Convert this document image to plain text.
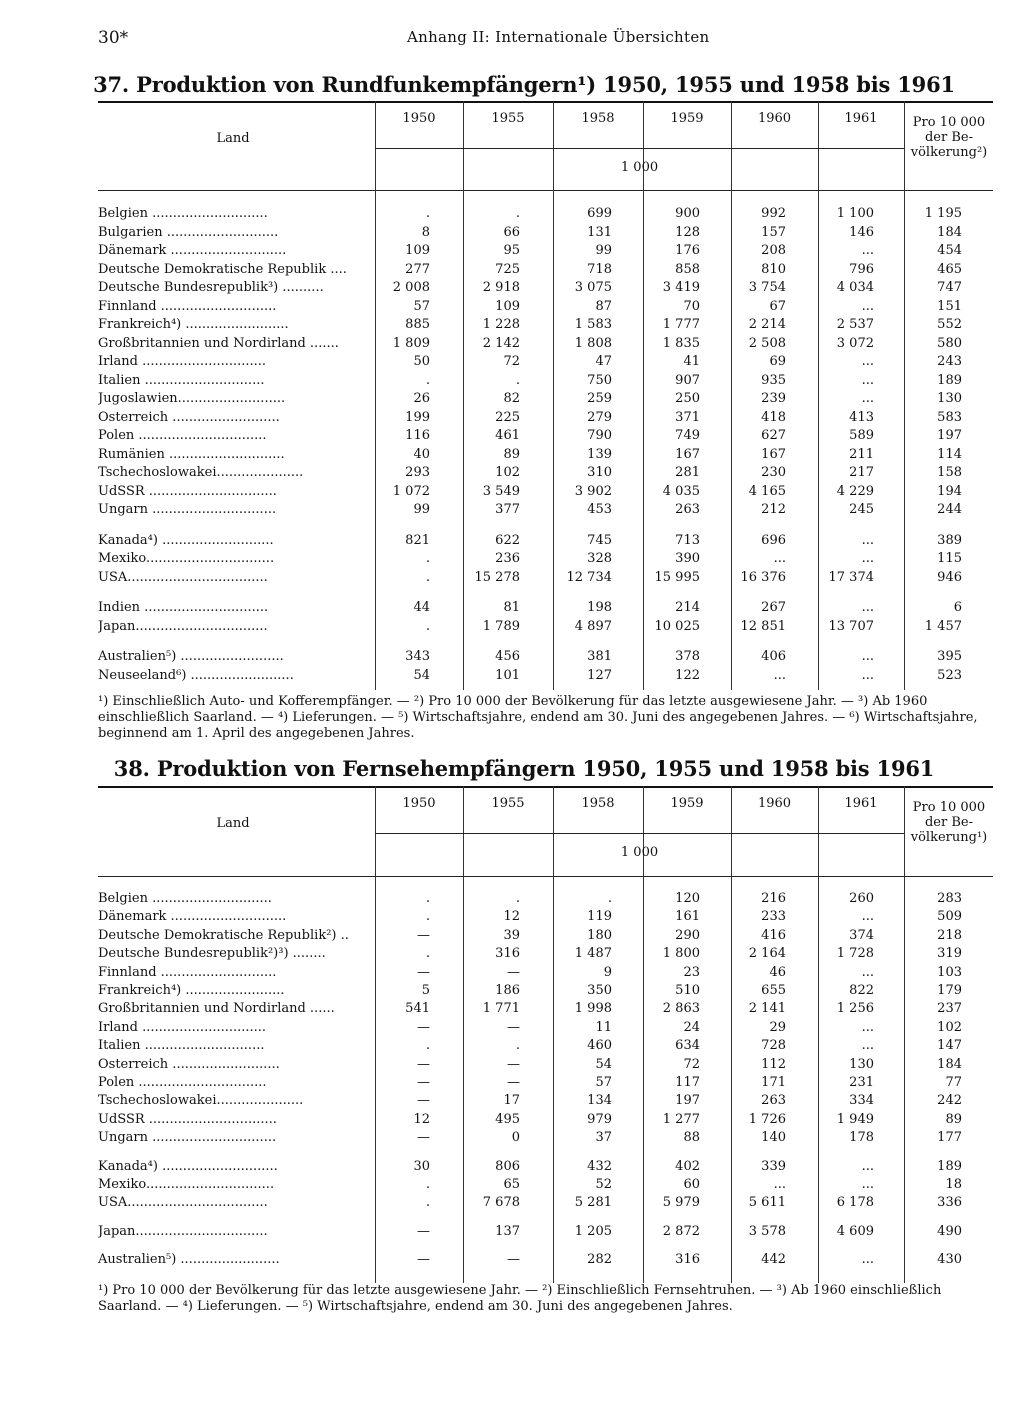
30*	Anhang II: Internationale Übersichten
37. Produktion von Rundfunkempfängern¹) 1950, 1955 und 1958 bis 1961
Land
1950	1955	1958	1959	1960	1961
1 000
Pro 10 000
der Be-
völkerung²)
Belgien ............................	.	.	699	900	992	1 100	1 195
Bulgarien ...........................	8	66	131	128	157	146	184
Dänemark ............................	109	95	99	176	208	...	454
Deutsche Demokratische Republik ....	277	725	718	858	810	796	465
Deutsche Bundesrepublik³) ..........	2 008	2 918	3 075	3 419	3 754	4 034	747
Finnland ............................	57	109	87	70	67	...	151
Frankreich⁴) .........................	885	1 228	1 583	1 777	2 214	2 537	552
Großbritannien und Nordirland .......	1 809	2 142	1 808	1 835	2 508	3 072	580
Irland ..............................	50	72	47	41	69	...	243
Italien .............................	.	.	750	907	935	...	189
Jugoslawien..........................	26	82	259	250	239	...	130
Österreich ..........................	199	225	279	371	418	413	583
Polen ...............................	116	461	790	749	627	589	197
Rumänien ............................	40	89	139	167	167	211	114
Tschechoslowakei.....................	293	102	310	281	230	217	158
UdSSR ...............................	1 072	3 549	3 902	4 035	4 165	4 229	194
Ungarn ..............................	99	377	453	263	212	245	244
Kanada⁴) ...........................	821	622	745	713	696	...	389
Mexiko...............................	.	236	328	390	...	...	115
USA..................................	.	15 278	12 734	15 995	16 376	17 374	946
Indien ..............................	44	81	198	214	267	...	6
Japan................................	.	1 789	4 897	10 025	12 851	13 707	1 457
Australien⁵) .........................	343	456	381	378	406	...	395
Neuseeland⁶) .........................	54	101	127	122	...	...	523
¹) Einschließlich Auto- und Kofferempfänger. — ²) Pro 10 000 der Bevölkerung für das letzte ausgewiesene Jahr. — ³) Ab 1960
einschließlich Saarland. — ⁴) Lieferungen. — ⁵) Wirtschaftsjahre, endend am 30. Juni des angegebenen Jahres. — ⁶) Wirtschaftsjahre,
beginnend am 1. April des angegebenen Jahres.
38. Produktion von Fernsehempfängern 1950, 1955 und 1958 bis 1961
Land
1950	1955	1958	1959	1960	1961
1 000
Pro 10 000
der Be-
völkerung¹)
Belgien .............................	.	.	.	120	216	260	283
Dänemark ............................	.	12	119	161	233	...	509
Deutsche Demokratische Republik²) ..	—	39	180	290	416	374	218
Deutsche Bundesrepublik²)³) ........	.	316	1 487	1 800	2 164	1 728	319
Finnland ............................	—	—	9	23	46	...	103
Frankreich⁴) ........................	5	186	350	510	655	822	179
Großbritannien und Nordirland ......	541	1 771	1 998	2 863	2 141	1 256	237
Irland ..............................	—	—	11	24	29	...	102
Italien .............................	.	.	460	634	728	...	147
Österreich ..........................	—	—	54	72	112	130	184
Polen ...............................	—	—	57	117	171	231	77
Tschechoslowakei.....................	—	17	134	197	263	334	242
UdSSR ...............................	12	495	979	1 277	1 726	1 949	89
Ungarn ..............................	—	0	37	88	140	178	177
Kanada⁴) ............................	30	806	432	402	339	...	189
Mexiko...............................	.	65	52	60	...	...	18
USA..................................	.	7 678	5 281	5 979	5 611	6 178	336
Japan................................	—	137	1 205	2 872	3 578	4 609	490
Australien⁵) ........................	—	—	282	316	442	...	430
¹) Pro 10 000 der Bevölkerung für das letzte ausgewiesene Jahr. — ²) Einschließlich Fernsehtruhen. — ³) Ab 1960 einschließlich
Saarland. — ⁴) Lieferungen. — ⁵) Wirtschaftsjahre, endend am 30. Juni des angegebenen Jahres.
